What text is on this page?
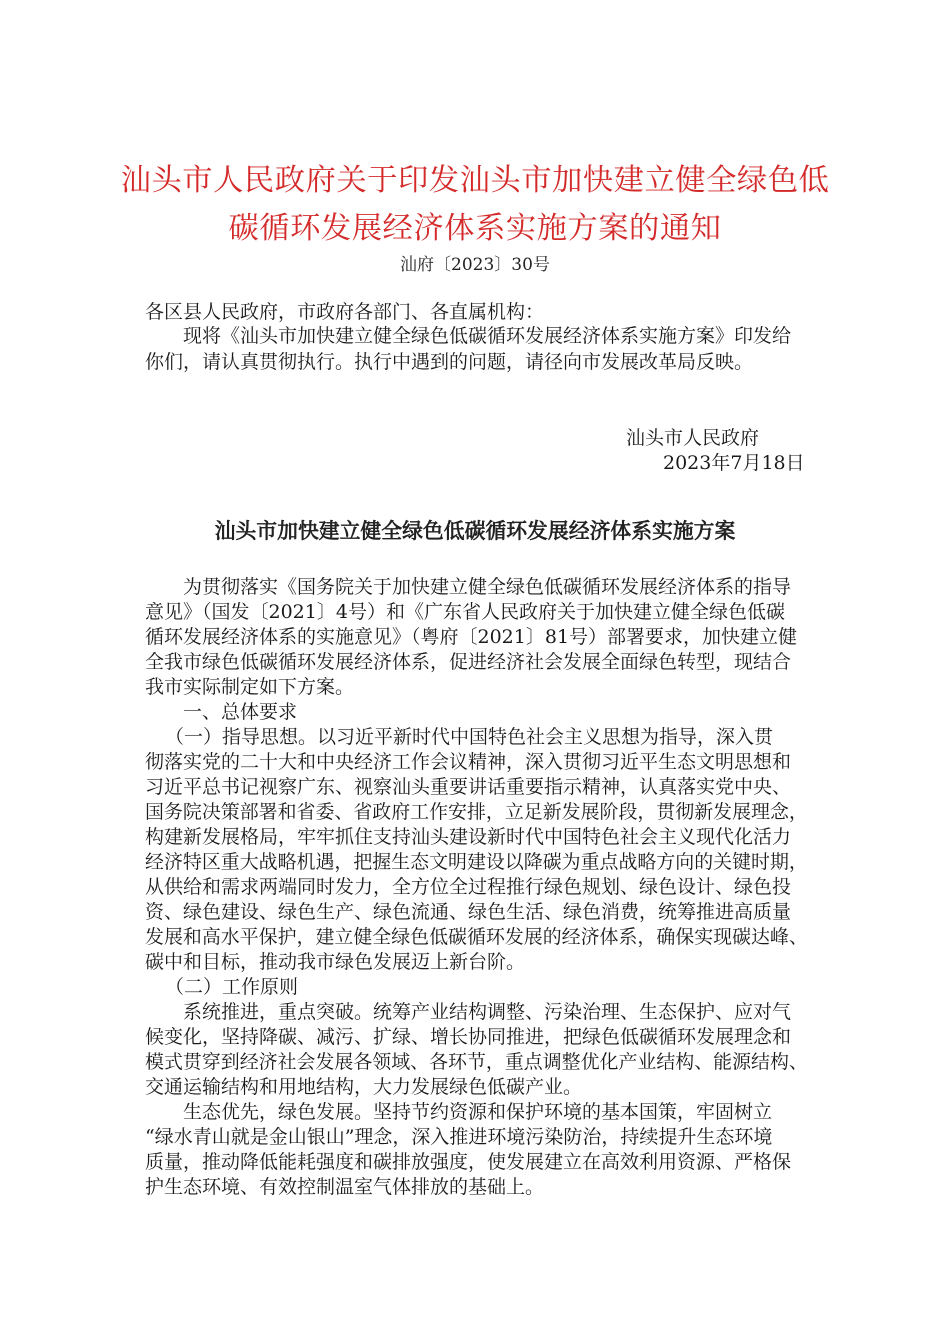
汕头市人民政府关于印发汕头市加快建立健全绿色低
碳循环发展经济体系实施方案的通知
汕府〔2023〕30号
各区县人民政府，市政府各部门、各直属机构：
现将《汕头市加快建立健全绿色低碳循环发展经济体系实施方案》印发给
你们，请认真贯彻执行。执行中遇到的问题，请径向市发展改革局反映。
汕头市人民政府
2023年7月18日
汕头市加快建立健全绿色低碳循环发展经济体系实施方案
为贯彻落实《国务院关于加快建立健全绿色低碳循环发展经济体系的指导
意见》（国发〔2021〕4号）和《广东省人民政府关于加快建立健全绿色低碳
循环发展经济体系的实施意见》（粤府〔2021〕81号）部署要求，加快建立健
全我市绿色低碳循环发展经济体系，促进经济社会发展全面绿色转型，现结合
我市实际制定如下方案。
一、总体要求
（一）指导思想。以习近平新时代中国特色社会主义思想为指导，深入贯
彻落实党的二十大和中央经济工作会议精神，深入贯彻习近平生态文明思想和
习近平总书记视察广东、视察汕头重要讲话重要指示精神，认真落实党中央、
国务院决策部署和省委、省政府工作安排，立足新发展阶段，贯彻新发展理念，
构建新发展格局，牢牢抓住支持汕头建设新时代中国特色社会主义现代化活力
经济特区重大战略机遇，把握生态文明建设以降碳为重点战略方向的关键时期，
从供给和需求两端同时发力，全方位全过程推行绿色规划、绿色设计、绿色投
资、绿色建设、绿色生产、绿色流通、绿色生活、绿色消费，统筹推进高质量
发展和高水平保护，建立健全绿色低碳循环发展的经济体系，确保实现碳达峰、
碳中和目标，推动我市绿色发展迈上新台阶。
（二）工作原则
系统推进，重点突破。统筹产业结构调整、污染治理、生态保护、应对气
候变化，坚持降碳、减污、扩绿、增长协同推进，把绿色低碳循环发展理念和
模式贯穿到经济社会发展各领域、各环节，重点调整优化产业结构、能源结构、
交通运输结构和用地结构，大力发展绿色低碳产业。
生态优先，绿色发展。坚持节约资源和保护环境的基本国策，牢固树立
“绿水青山就是金山银山”理念，深入推进环境污染防治，持续提升生态环境
质量，推动降低能耗强度和碳排放强度，使发展建立在高效利用资源、严格保
护生态环境、有效控制温室气体排放的基础上。
